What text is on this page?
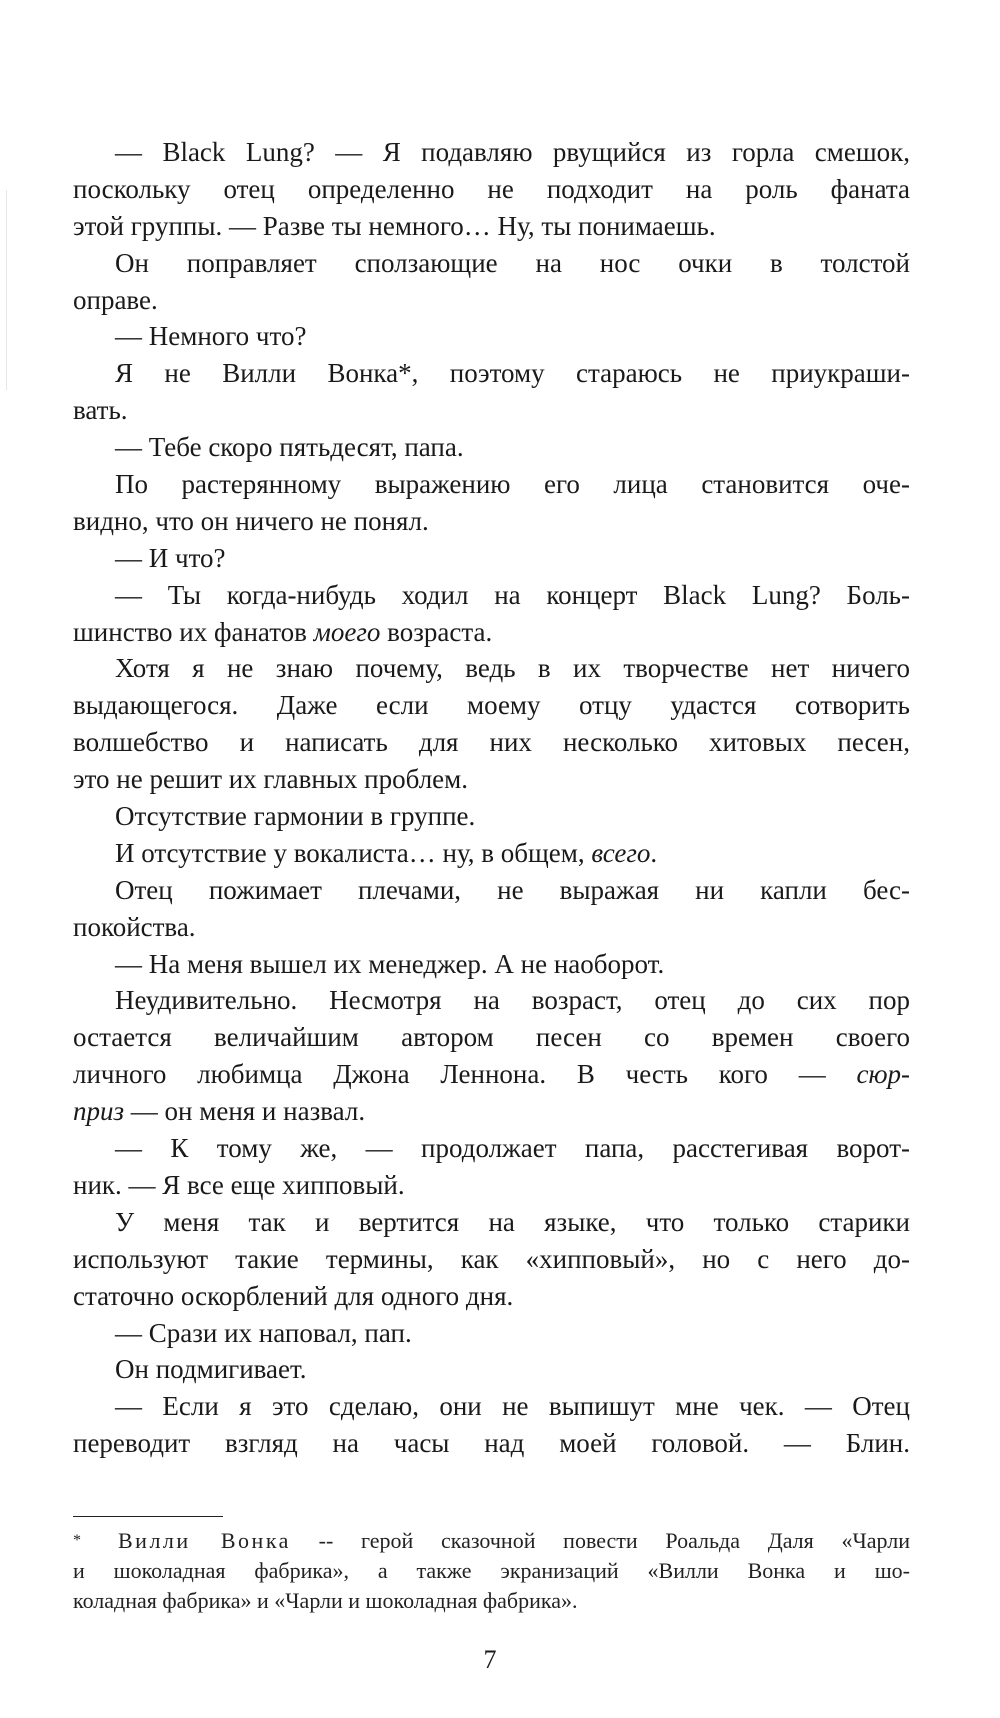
— Black Lung? — Я подавляю рвущийся из горла смешок,
поскольку отец определенно не подходит на роль фаната
этой группы. — Разве ты немного… Ну, ты понимаешь.
Он поправляет сползающие на нос очки в толстой
оправе.
— Немного что?
Я не Вилли Вонка*, поэтому стараюсь не приукраши-
вать.
— Тебе скоро пятьдесят, папа.
По растерянному выражению его лица становится оче-
видно, что он ничего не понял.
— И что?
— Ты когда-нибудь ходил на концерт Black Lung? Боль-
шинство их фанатов моего возраста.
Хотя я не знаю почему, ведь в их творчестве нет ничего
выдающегося. Даже если моему отцу удастся сотворить
волшебство и написать для них несколько хитовых песен,
это не решит их главных проблем.
Отсутствие гармонии в группе.
И отсутствие у вокалиста… ну, в общем, всего.
Отец пожимает плечами, не выражая ни капли бес-
покойства.
— На меня вышел их менеджер. А не наоборот.
Неудивительно. Несмотря на возраст, отец до сих пор
остается величайшим автором песен со времен своего
личного любимца Джона Леннона. В честь кого — сюр-
приз — он меня и назвал.
— К тому же, — продолжает папа, расстегивая ворот-
ник. — Я все еще хипповый.
У меня так и вертится на языке, что только старики
используют такие термины, как «хипповый», но с него до-
статочно оскорблений для одного дня.
— Срази их наповал, пап.
Он подмигивает.
— Если я это сделаю, они не выпишут мне чек. — Отец
переводит взгляд на часы над моей головой. — Блин.
* Вилли Вонка -- герой сказочной повести Роальда Даля «Чарли
и шоколадная фабрика», а также экранизаций «Вилли Вонка и шо-
коладная фабрика» и «Чарли и шоколадная фабрика».
7
